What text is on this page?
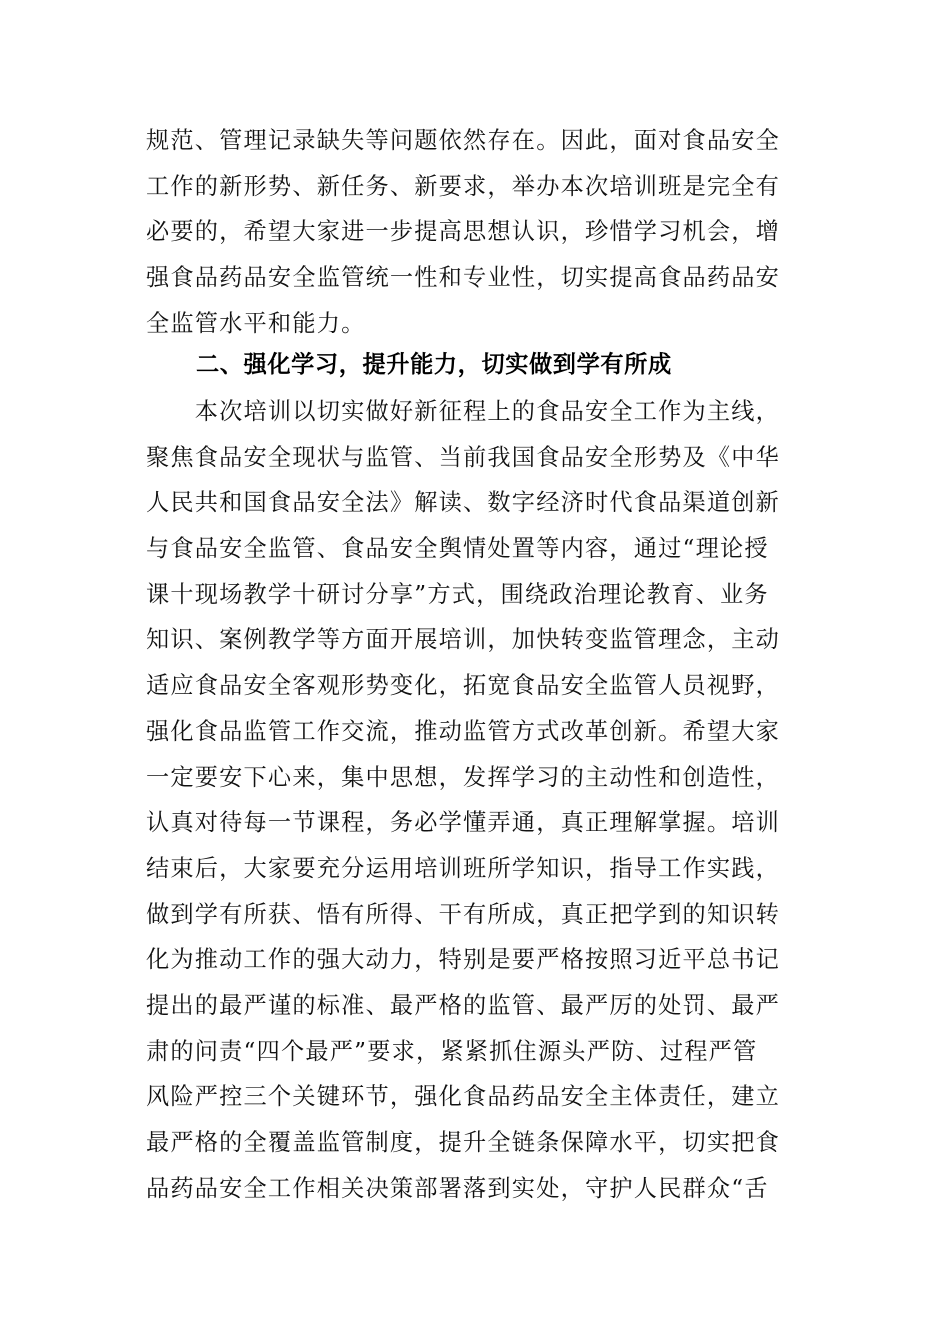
规范、管理记录缺失等问题依然存在。因此，面对食品安全
工作的新形势、新任务、新要求，举办本次培训班是完全有
必要的，希望大家进一步提高思想认识，珍惜学习机会，增
强食品药品安全监管统一性和专业性，切实提高食品药品安
全监管水平和能力。
二、强化学习，提升能力，切实做到学有所成
　　本次培训以切实做好新征程上的食品安全工作为主线，
聚焦食品安全现状与监管、当前我国食品安全形势及《中华
人民共和国食品安全法》解读、数字经济时代食品渠道创新
与食品安全监管、食品安全舆情处置等内容，通过“理论授
课十现场教学十研讨分享”方式，围绕政治理论教育、业务
知识、案例教学等方面开展培训，加快转变监管理念，主动
适应食品安全客观形势变化，拓宽食品安全监管人员视野，
强化食品监管工作交流，推动监管方式改革创新。希望大家
一定要安下心来，集中思想，发挥学习的主动性和创造性，
认真对待每一节课程，务必学懂弄通，真正理解掌握。培训
结束后，大家要充分运用培训班所学知识，指导工作实践，
做到学有所获、悟有所得、干有所成，真正把学到的知识转
化为推动工作的强大动力，特别是要严格按照习近平总书记
提出的最严谨的标准、最严格的监管、最严厉的处罚、最严
肃的问责“四个最严”要求，紧紧抓住源头严防、过程严管
风险严控三个关键环节，强化食品药品安全主体责任，建立
最严格的全覆盖监管制度，提升全链条保障水平，切实把食
品药品安全工作相关决策部署落到实处，守护人民群众“舌
